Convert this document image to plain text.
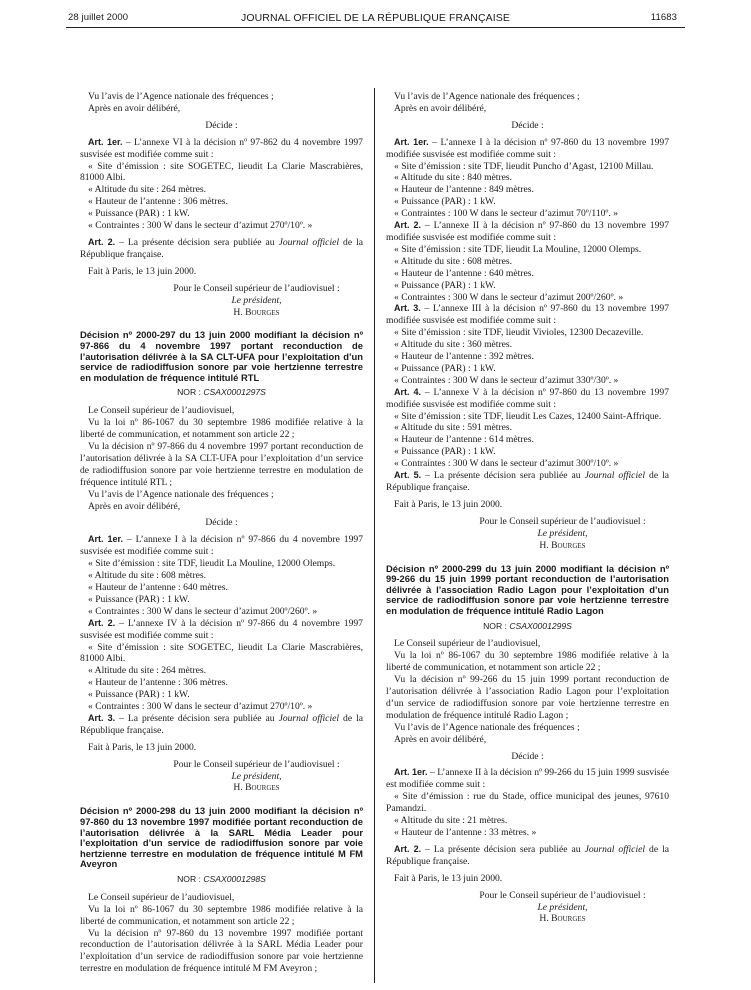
28 juillet 2000	JOURNAL OFFICIEL DE LA RÉPUBLIQUE FRANÇAISE	11683

Vu l’avis de l’Agence nationale des fréquences ;

Après en avoir délibéré,

Décide :

Art. 1er. – L’annexe VI à la décision nº 97-862 du 4 novembre 1997 susvisée est modifiée comme suit :

« Site d’émission : site SOGETEC, lieudit La Clarie Mascrabières, 81000 Albi.

« Altitude du site : 264 mètres.

« Hauteur de l’antenne : 306 mètres.

« Puissance (PAR) : 1 kW.

« Contraintes : 300 W dans le secteur d’azimut 270º/10º. »

Art. 2. – La présente décision sera publiée au Journal officiel de la République française.

Fait à Paris, le 13 juin 2000.

Pour le Conseil supérieur de l’audiovisuel :
Le président,
H. Bourges
Décision nº 2000-297 du 13 juin 2000 modifiant la décision nº 97-866 du 4 novembre 1997 portant reconduction de l’autorisation délivrée à la SA CLT-UFA pour l’exploitation d’un service de radiodiffusion sonore par voie hertzienne terrestre en modulation de fréquence intitulé RTL
NOR : CSAX0001297S

Le Conseil supérieur de l’audiovisuel,

Vu la loi nº 86-1067 du 30 septembre 1986 modifiée relative à la liberté de communication, et notamment son article 22 ;

Vu la décision nº 97-866 du 4 novembre 1997 portant reconduction de l’autorisation délivrée à la SA CLT-UFA pour l’exploitation d’un service de radiodiffusion sonore par voie hertzienne terrestre en modulation de fréquence intitulé RTL ;

Vu l’avis de l’Agence nationale des fréquences ;

Après en avoir délibéré,

Décide :

Art. 1er. – L’annexe I à la décision nº 97-866 du 4 novembre 1997 susvisée est modifiée comme suit :

« Site d’émission : site TDF, lieudit La Mouline, 12000 Olemps.

« Altitude du site : 608 mètres.

« Hauteur de l’antenne : 640 mètres.

« Puissance (PAR) : 1 kW.

« Contraintes : 300 W dans le secteur d’azimut 200º/260º. »

Art. 2. – L’annexe IV à la décision nº 97-866 du 4 novembre 1997 susvisée est modifiée comme suit :

« Site d’émission : site SOGETEC, lieudit La Clarie Mascrabières, 81000 Albi.

« Altitude du site : 264 mètres.

« Hauteur de l’antenne : 306 mètres.

« Puissance (PAR) : 1 kW.

« Contraintes : 300 W dans le secteur d’azimut 270º/10º. »

Art. 3. – La présente décision sera publiée au Journal officiel de la République française.

Fait à Paris, le 13 juin 2000.

Pour le Conseil supérieur de l’audiovisuel :
Le président,
H. Bourges
Décision nº 2000-298 du 13 juin 2000 modifiant la décision nº 97-860 du 13 novembre 1997 modifiée portant reconduction de l’autorisation délivrée à la SARL Média Leader pour l’exploitation d’un service de radiodiffusion sonore par voie hertzienne terrestre en modulation de fréquence intitulé M FM Aveyron
NOR : CSAX0001298S

Le Conseil supérieur de l’audiovisuel,

Vu la loi nº 86-1067 du 30 septembre 1986 modifiée relative à la liberté de communication, et notamment son article 22 ;

Vu la décision nº 97-860 du 13 novembre 1997 modifiée portant reconduction de l’autorisation délivrée à la SARL Média Leader pour l’exploitation d’un service de radiodiffusion sonore par voie hertzienne terrestre en modulation de fréquence intitulé M FM Aveyron ;

Vu l’avis de l’Agence nationale des fréquences ;

Après en avoir délibéré,

Décide :

Art. 1er. – L’annexe I à la décision nº 97-860 du 13 novembre 1997 modifiée susvisée est modifiée comme suit :

« Site d’émission : site TDF, lieudit Puncho d’Agast, 12100 Millau.

« Altitude du site : 840 mètres.

« Hauteur de l’antenne : 849 mètres.

« Puissance (PAR) : 1 kW.

« Contraintes : 100 W dans le secteur d’azimut 70º/110º. »

Art. 2. – L’annexe II à la décision nº 97-860 du 13 novembre 1997 modifiée susvisée est modifiée comme suit :

« Site d’émission : site TDF, lieudit La Mouline, 12000 Olemps.

« Altitude du site : 608 mètres.

« Hauteur de l’antenne : 640 mètres.

« Puissance (PAR) : 1 kW.

« Contraintes : 300 W dans le secteur d’azimut 200º/260º. »

Art. 3. – L’annexe III à la décision nº 97-860 du 13 novembre 1997 modifiée susvisée est modifiée comme suit :

« Site d’émission : site TDF, lieudit Vivioles, 12300 Decazeville.

« Altitude du site : 360 mètres.

« Hauteur de l’antenne : 392 mètres.

« Puissance (PAR) : 1 kW.

« Contraintes : 300 W dans le secteur d’azimut 330º/30º. »

Art. 4. – L’annexe V à la décision nº 97-860 du 13 novembre 1997 modifiée susvisée est modifiée comme suit :

« Site d’émission : site TDF, lieudit Les Cazes, 12400 Saint-Affrique.

« Altitude du site : 591 mètres.

« Hauteur de l’antenne : 614 mètres.

« Puissance (PAR) : 1 kW.

« Contraintes : 300 W dans le secteur d’azimut 300º/10º. »

Art. 5. – La présente décision sera publiée au Journal officiel de la République française.

Fait à Paris, le 13 juin 2000.

Pour le Conseil supérieur de l’audiovisuel :
Le président,
H. Bourges
Décision nº 2000-299 du 13 juin 2000 modifiant la décision nº 99-266 du 15 juin 1999 portant reconduction de l’autorisation délivrée à l’association Radio Lagon pour l’exploitation d’un service de radiodiffusion sonore par voie hertzienne terrestre en modulation de fréquence intitulé Radio Lagon
NOR : CSAX0001299S

Le Conseil supérieur de l’audiovisuel,

Vu la loi nº 86-1067 du 30 septembre 1986 modifiée relative à la liberté de communication, et notamment son article 22 ;

Vu la décision nº 99-266 du 15 juin 1999 portant reconduction de l’autorisation délivrée à l’association Radio Lagon pour l’exploitation d’un service de radiodiffusion sonore par voie hertzienne terrestre en modulation de fréquence intitulé Radio Lagon ;

Vu l’avis de l’Agence nationale des fréquences ;

Après en avoir délibéré,

Décide :

Art. 1er. – L’annexe II à la décision nº 99-266 du 15 juin 1999 susvisée est modifiée comme suit :

« Site d’émission : rue du Stade, office municipal des jeunes, 97610 Pamandzi.

« Altitude du site : 21 mètres.

« Hauteur de l’antenne : 33 mètres. »

Art. 2. – La présente décision sera publiée au Journal officiel de la République française.

Fait à Paris, le 13 juin 2000.

Pour le Conseil supérieur de l’audiovisuel :
Le président,
H. Bourges
